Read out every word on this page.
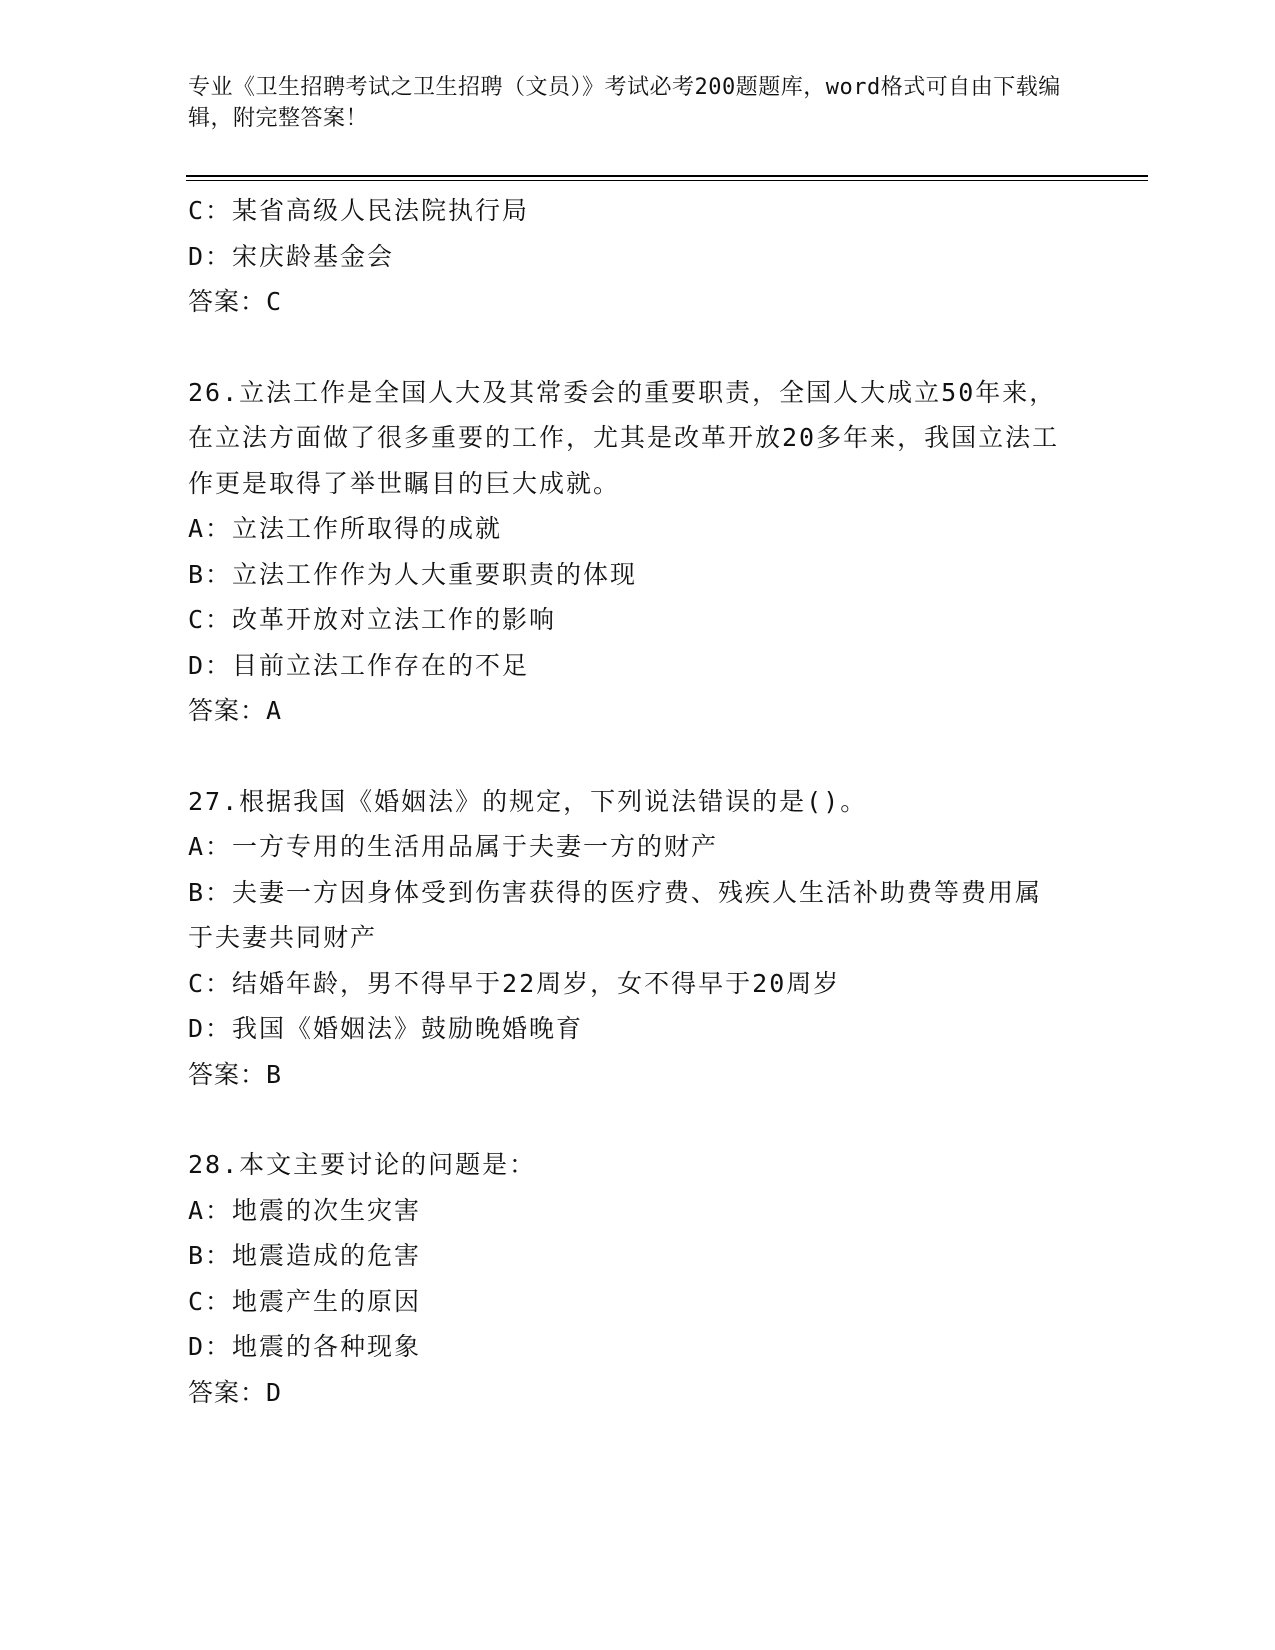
专业《卫生招聘考试之卫生招聘（文员）》考试必考200题题库，word格式可自由下载编辑，附完整答案！
C：某省高级人民法院执行局
D：宋庆龄基金会
答案：C
26.立法工作是全国人大及其常委会的重要职责，全国人大成立50年来，在立法方面做了很多重要的工作，尤其是改革开放20多年来，我国立法工作更是取得了举世瞩目的巨大成就。
A：立法工作所取得的成就
B：立法工作作为人大重要职责的体现
C：改革开放对立法工作的影响
D：目前立法工作存在的不足
答案：A
27.根据我国《婚姻法》的规定，下列说法错误的是()。
A：一方专用的生活用品属于夫妻一方的财产
B：夫妻一方因身体受到伤害获得的医疗费、残疾人生活补助费等费用属于夫妻共同财产
C：结婚年龄，男不得早于22周岁，女不得早于20周岁
D：我国《婚姻法》鼓励晚婚晚育
答案：B
28.本文主要讨论的问题是：
A：地震的次生灾害
B：地震造成的危害
C：地震产生的原因
D：地震的各种现象
答案：D
